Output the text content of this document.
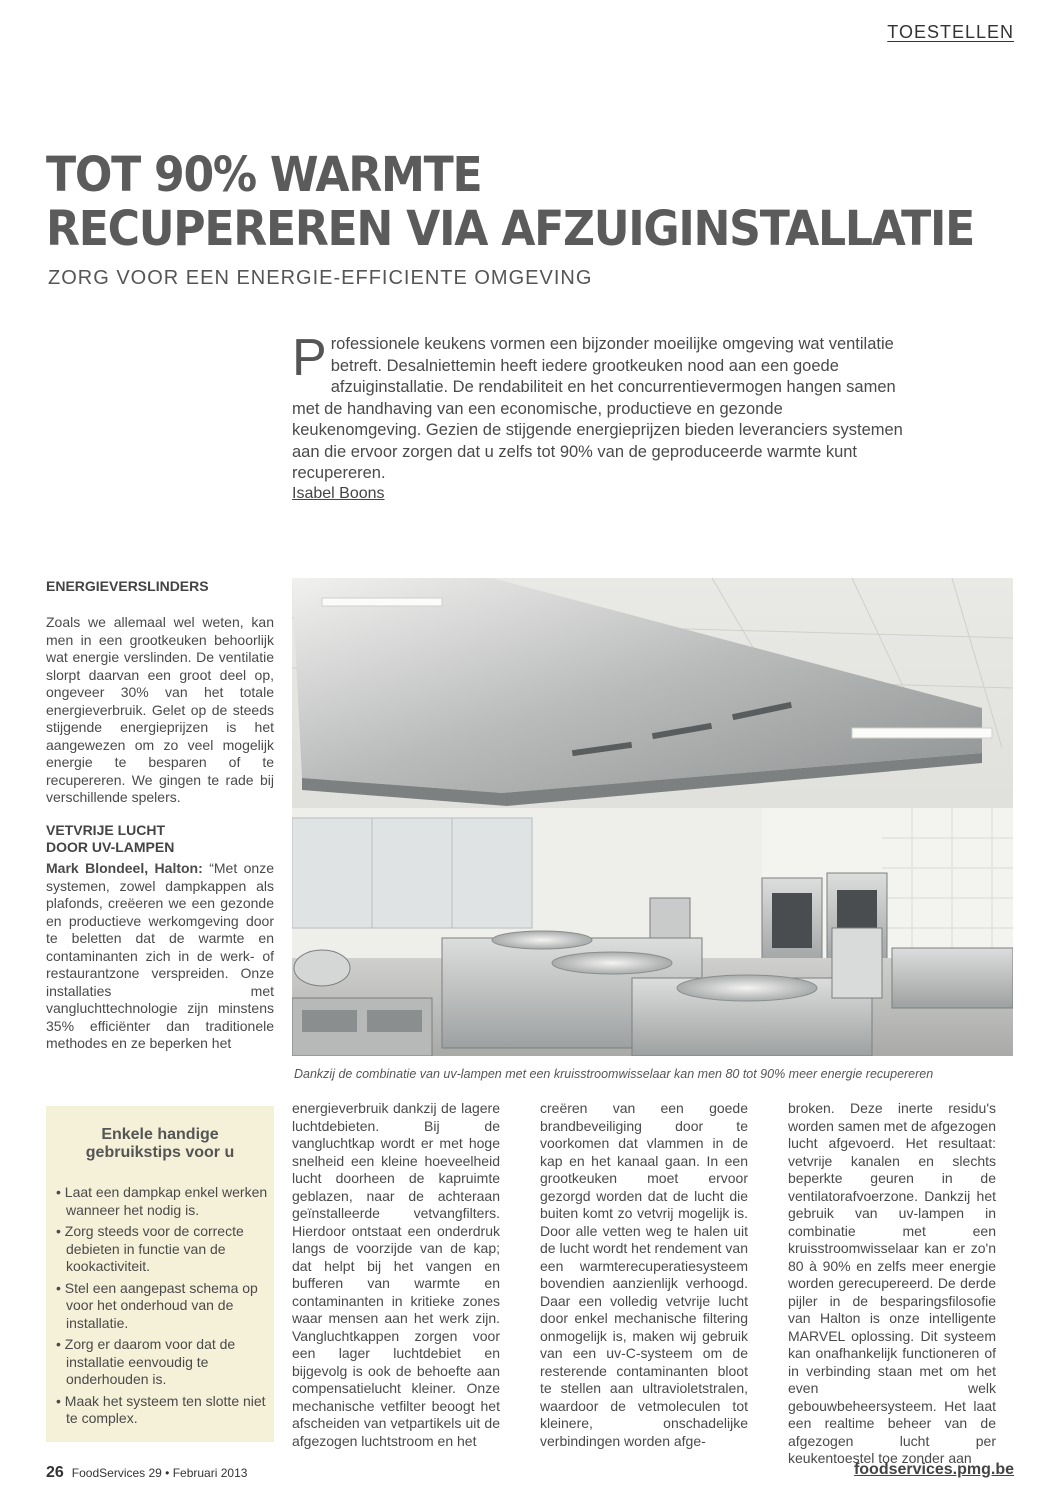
TOESTELLEN
TOT 90% WARMTE
RECUPEREREN VIA AFZUIGINSTALLATIE
ZORG VOOR EEN ENERGIE-EFFICIENTE OMGEVING
Professionele keukens vormen een bijzonder moeilijke omgeving wat ventilatie betreft. Desalniettemin heeft iedere grootkeuken nood aan een goede afzuiginstallatie. De rendabiliteit en het concurrentievermogen hangen samen met de handhaving van een economische, productieve en gezonde keukenomgeving. Gezien de stijgende energieprijzen bieden leveranciers systemen aan die ervoor zorgen dat u zelfs tot 90% van de geproduceerde warmte kunt recupereren.
Isabel Boons
ENERGIEVERSLINDERS
Zoals we allemaal wel weten, kan men in een grootkeuken behoorlijk wat energie verslinden. De ventilatie slorpt daarvan een groot deel op, ongeveer 30% van het totale energieverbruik. Gelet op de steeds stijgende energieprijzen is het aangewezen om zo veel mogelijk energie te besparen of te recupereren. We gingen te rade bij verschillende spelers.
VETVRIJE LUCHT
DOOR UV-LAMPEN
Mark Blondeel, Halton: “Met onze systemen, zowel dampkappen als plafonds, creëeren we een gezonde en productieve werkomgeving door te beletten dat de warmte en contaminanten zich in de werk- of restaurantzone verspreiden. Onze installaties met vangluchttechnologie zijn minstens 35% efficiënter dan traditionele methodes en ze beperken het
Dankzij de combinatie van uv-lampen met een kruisstroomwisselaar kan men 80 tot 90% meer energie recupereren
Enkele handige
gebruikstips voor u
• Laat een dampkap enkel werken wanneer het nodig is.
• Zorg steeds voor de correcte debieten in functie van de kookactiviteit.
• Stel een aangepast schema op voor het onderhoud van de installatie.
• Zorg er daarom voor dat de installatie eenvoudig te onderhouden is.
• Maak het systeem ten slotte niet te complex.
energieverbruik dankzij de lagere luchtdebieten. Bij de vangluchtkap wordt er met hoge snelheid een kleine hoeveelheid lucht doorheen de kapruimte geblazen, naar de achteraan geïnstalleerde vetvangfilters. Hierdoor ontstaat een onderdruk langs de voorzijde van de kap; dat helpt bij het vangen en bufferen van warmte en contaminanten in kritieke zones waar mensen aan het werk zijn. Vangluchtkappen zorgen voor een lager luchtdebiet en bijgevolg is ook de behoefte aan compensatielucht kleiner. Onze mechanische vetfilter beoogt het afscheiden van vetpartikels uit de afgezogen luchtstroom en het
creëren van een goede brandbeveiliging door te voorkomen dat vlammen in de kap en het kanaal gaan. In een grootkeuken moet ervoor gezorgd worden dat de lucht die buiten komt zo vetvrij mogelijk is. Door alle vetten weg te halen uit de lucht wordt het rendement van een warmterecuperatiesysteem bovendien aanzienlijk verhoogd. Daar een volledig vetvrije lucht door enkel mechanische filtering onmogelijk is, maken wij gebruik van een uv-C-systeem om de resterende contaminanten bloot te stellen aan ultravioletstralen, waardoor de vetmoleculen tot kleinere, onschadelijke verbindingen worden afge-
broken. Deze inerte residu's worden samen met de afgezogen lucht afgevoerd. Het resultaat: vetvrije kanalen en slechts beperkte geuren in de ventilatorafvoerzone. Dankzij het gebruik van uv-lampen in combinatie met een kruisstroomwisselaar kan er zo'n 80 à 90% en zelfs meer energie worden gerecupereerd. De derde pijler in de besparingsfilosofie van Halton is onze intelligente MARVEL oplossing. Dit systeem kan onafhankelijk functioneren of in verbinding staan met om het even welk gebouwbeheersysteem. Het laat een realtime beheer van de afgezogen lucht per keukentoestel toe zonder aan
26 FoodServices 29 • Februari 2013	foodservices.pmg.be
